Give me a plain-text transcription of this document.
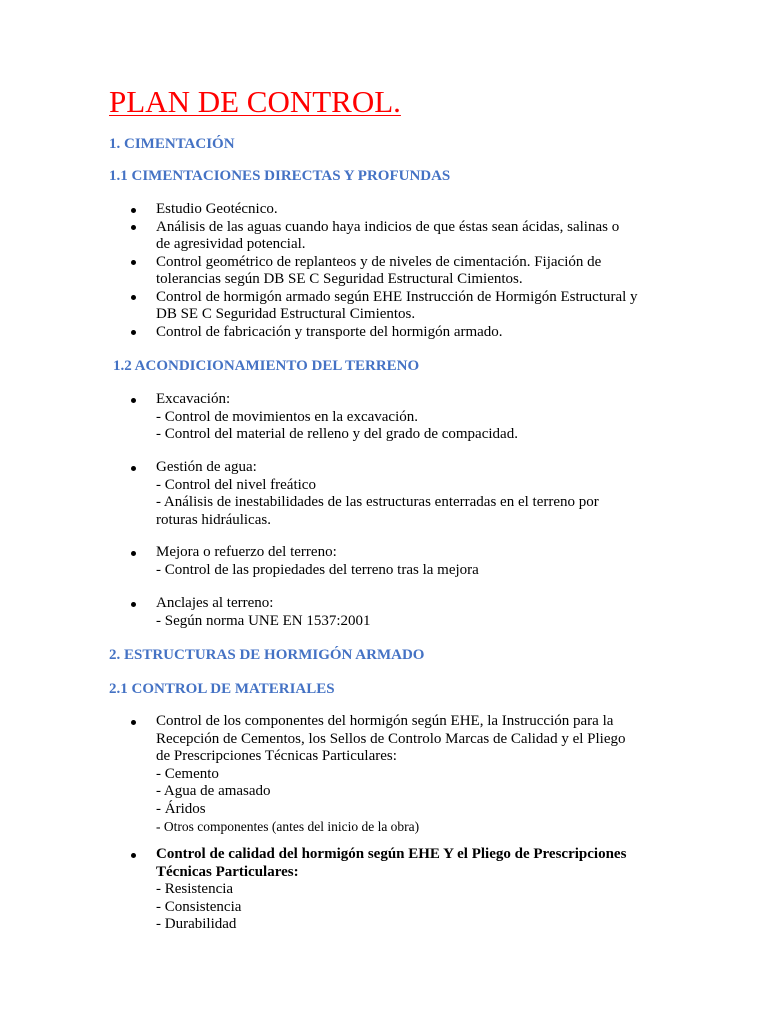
PLAN DE CONTROL.
1. CIMENTACIÓN
1.1 CIMENTACIONES DIRECTAS Y PROFUNDAS
Estudio Geotécnico.
Análisis de las aguas cuando haya indicios de que éstas sean ácidas, salinas o
de agresividad potencial.
Control geométrico de replanteos y de niveles de cimentación. Fijación de
tolerancias según DB SE C Seguridad Estructural Cimientos.
Control de hormigón armado según EHE Instrucción de Hormigón Estructural y
DB SE C Seguridad Estructural Cimientos.
Control de fabricación y transporte del hormigón armado.
1.2 ACONDICIONAMIENTO DEL TERRENO
Excavación:
- Control de movimientos en la excavación.
- Control del material de relleno y del grado de compacidad.
Gestión de agua:
- Control del nivel freático
- Análisis de inestabilidades de las estructuras enterradas en el terreno por
roturas hidráulicas.
Mejora o refuerzo del terreno:
- Control de las propiedades del terreno tras la mejora
Anclajes al terreno:
- Según norma UNE EN 1537:2001
2. ESTRUCTURAS DE HORMIGÓN ARMADO
2.1 CONTROL DE MATERIALES
Control de los componentes del hormigón según EHE, la Instrucción para la
Recepción de Cementos, los Sellos de Controlo Marcas de Calidad y el Pliego
de Prescripciones Técnicas Particulares:
- Cemento
- Agua de amasado
- Áridos
- Otros componentes (antes del inicio de la obra)
Control de calidad del hormigón según EHE Y el Pliego de Prescripciones
Técnicas Particulares:
- Resistencia
- Consistencia
- Durabilidad
